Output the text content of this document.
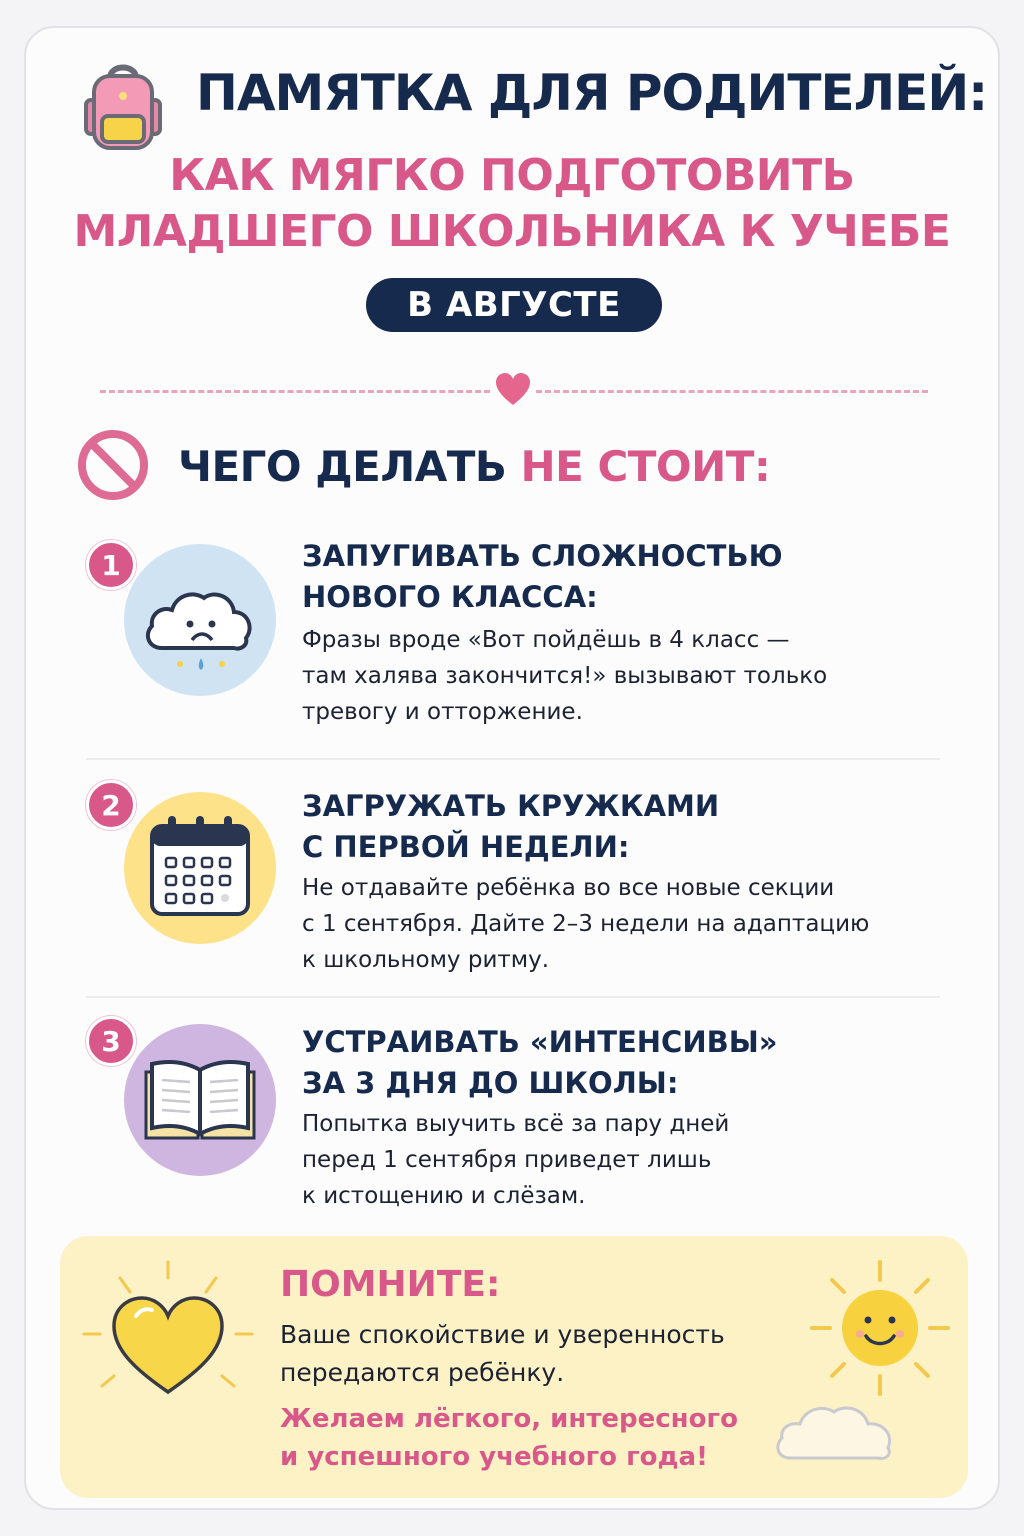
ПАМЯТКА ДЛЯ РОДИТЕЛЕЙ:
КАК МЯГКО ПОДГОТОВИТЬ
МЛАДШЕГО ШКОЛЬНИКА К УЧЕБЕ
В АВГУСТЕ
ЧЕГО ДЕЛАТЬ НЕ СТОИТ:
1	ЗАПУГИВАТЬ СЛОЖНОСТЬЮ
НОВОГО КЛАССА:
Фразы вроде «Вот пойдёшь в 4 класс —
там халява закончится!» вызывают только
тревогу и отторжение.
2	ЗАГРУЖАТЬ КРУЖКАМИ
С ПЕРВОЙ НЕДЕЛИ:
Не отдавайте ребёнка во все новые секции
с 1 сентября. Дайте 2–3 недели на адаптацию
к школьному ритму.
3	УСТРАИВАТЬ «ИНТЕНСИВЫ»
ЗА 3 ДНЯ ДО ШКОЛЫ:
Попытка выучить всё за пару дней
перед 1 сентября приведет лишь
к истощению и слёзам.
ПОМНИТЕ:
Ваше спокойствие и уверенность
передаются ребёнку.
Желаем лёгкого, интересного
и успешного учебного года!
